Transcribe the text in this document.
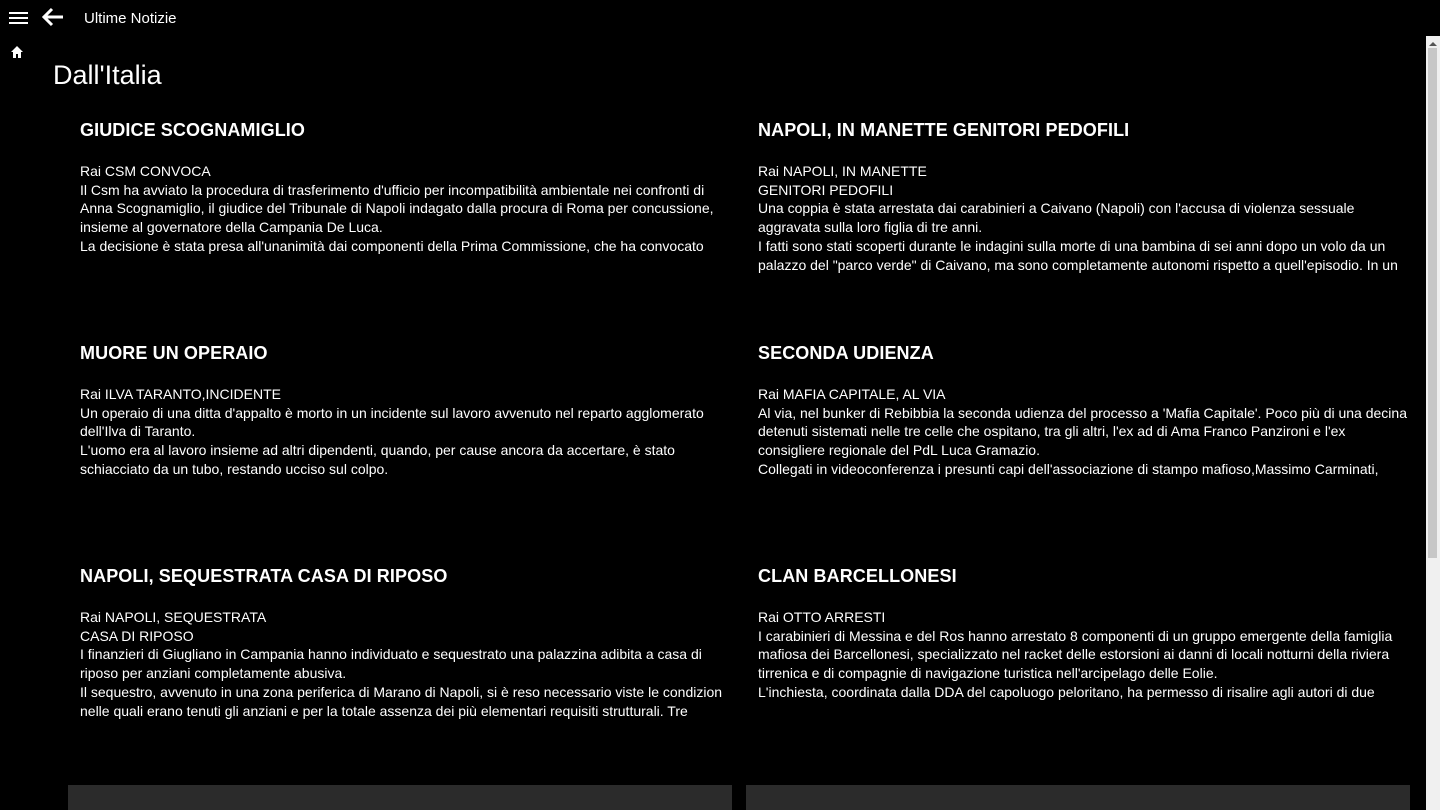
Ultime Notizie
Dall'Italia
GIUDICE SCOGNAMIGLIO
Rai CSM CONVOCA

Il Csm ha avviato la procedura di trasferimento d'ufficio per incompatibilità ambientale nei confronti di

Anna Scognamiglio, il giudice del Tribunale di Napoli indagato dalla procura di Roma per concussione,

insieme al governatore della Campania De Luca.

La decisione è stata presa all'unanimità dai componenti della Prima Commissione, che ha convocato

NAPOLI, IN MANETTE GENITORI PEDOFILI
Rai NAPOLI, IN MANETTE
GENITORI PEDOFILI

Una coppia è stata arrestata dai carabinieri a Caivano (Napoli) con l'accusa di violenza sessuale

aggravata sulla loro figlia di tre anni.

I fatti sono stati scoperti durante le indagini sulla morte di una bambina di sei anni dopo un volo da un

palazzo del "parco verde" di Caivano, ma sono completamente autonomi rispetto a quell'episodio. In un

MUORE UN OPERAIO
Rai ILVA TARANTO,INCIDENTE

Un operaio di una ditta d'appalto è morto in un incidente sul lavoro avvenuto nel reparto agglomerato

dell'Ilva di Taranto.

L'uomo era al lavoro insieme ad altri dipendenti, quando, per cause ancora da accertare, è stato

schiacciato da un tubo, restando ucciso sul colpo.

SECONDA UDIENZA
Rai MAFIA CAPITALE, AL VIA

Al via, nel bunker di Rebibbia la seconda udienza del processo a 'Mafia Capitale'. Poco più di una decina

detenuti sistemati nelle tre celle che ospitano, tra gli altri, l'ex ad di Ama Franco Panzironi e l'ex

consigliere regionale del PdL Luca Gramazio.

Collegati in videoconferenza i presunti capi dell'associazione di stampo mafioso,Massimo Carminati,

NAPOLI, SEQUESTRATA CASA DI RIPOSO
Rai NAPOLI, SEQUESTRATA
CASA DI RIPOSO

I finanzieri di Giugliano in Campania hanno individuato e sequestrato una palazzina adibita a casa di

riposo per anziani completamente abusiva.

Il sequestro, avvenuto in una zona periferica di Marano di Napoli, si è reso necessario viste le condizion

nelle quali erano tenuti gli anziani e per la totale assenza dei più elementari requisiti strutturali. Tre

CLAN BARCELLONESI
Rai OTTO ARRESTI

I carabinieri di Messina e del Ros hanno arrestato 8 componenti di un gruppo emergente della famiglia

mafiosa dei Barcellonesi, specializzato nel racket delle estorsioni ai danni di locali notturni della riviera

tirrenica e di compagnie di navigazione turistica nell'arcipelago delle Eolie.

L'inchiesta, coordinata dalla DDA del capoluogo peloritano, ha permesso di risalire agli autori di due
